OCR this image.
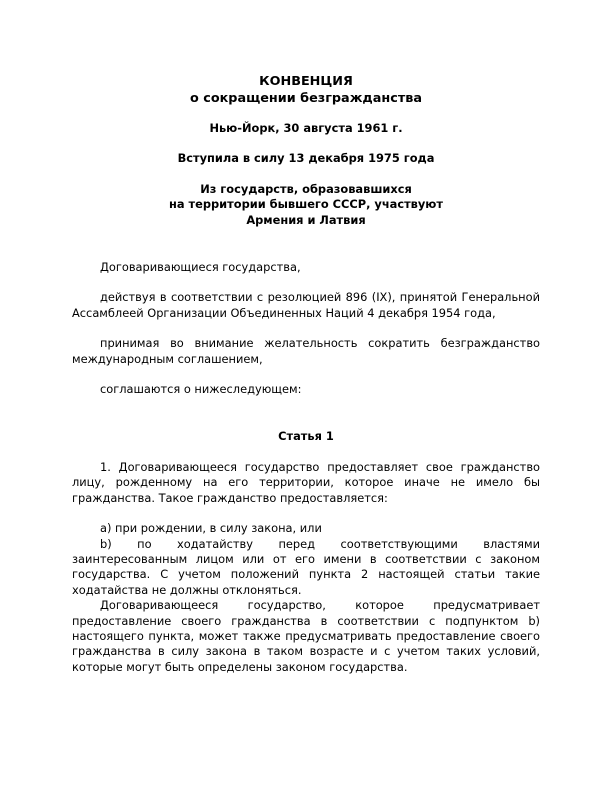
КОНВЕНЦИЯ
о сокращении безгражданства
Нью-Йорк, 30 августа 1961 г.
Вступила в силу 13 декабря 1975 года
Из государств, образовавшихся
на территории бывшего СССР, участвуют
Армения и Латвия

Договаривающиеся государства,

действуя в соответствии с резолюцией 896 (IX), принятой Генеральной Ассамблеей Организации Объединенных Наций 4 декабря 1954 года,

принимая во внимание желательность сократить безгражданство международным соглашением,

соглашаются о нижеследующем:

Статья 1

1. Договаривающееся государство предоставляет свое гражданство лицу, рожденному на его территории, которое иначе не имело бы гражданства. Такое гражданство предоставляется:

a) при рождении, в силу закона, или

b) по ходатайству перед соответствующими властями заинтересованным лицом или от его имени в соответствии с законом государства. С учетом положений пункта 2 настоящей статьи такие ходатайства не должны отклоняться.

Договаривающееся государство, которое предусматривает предоставление своего гражданства в соответствии с подпунктом b) настоящего пункта, может также предусматривать предоставление своего гражданства в силу закона в таком возрасте и с учетом таких условий, которые могут быть определены законом государства.
